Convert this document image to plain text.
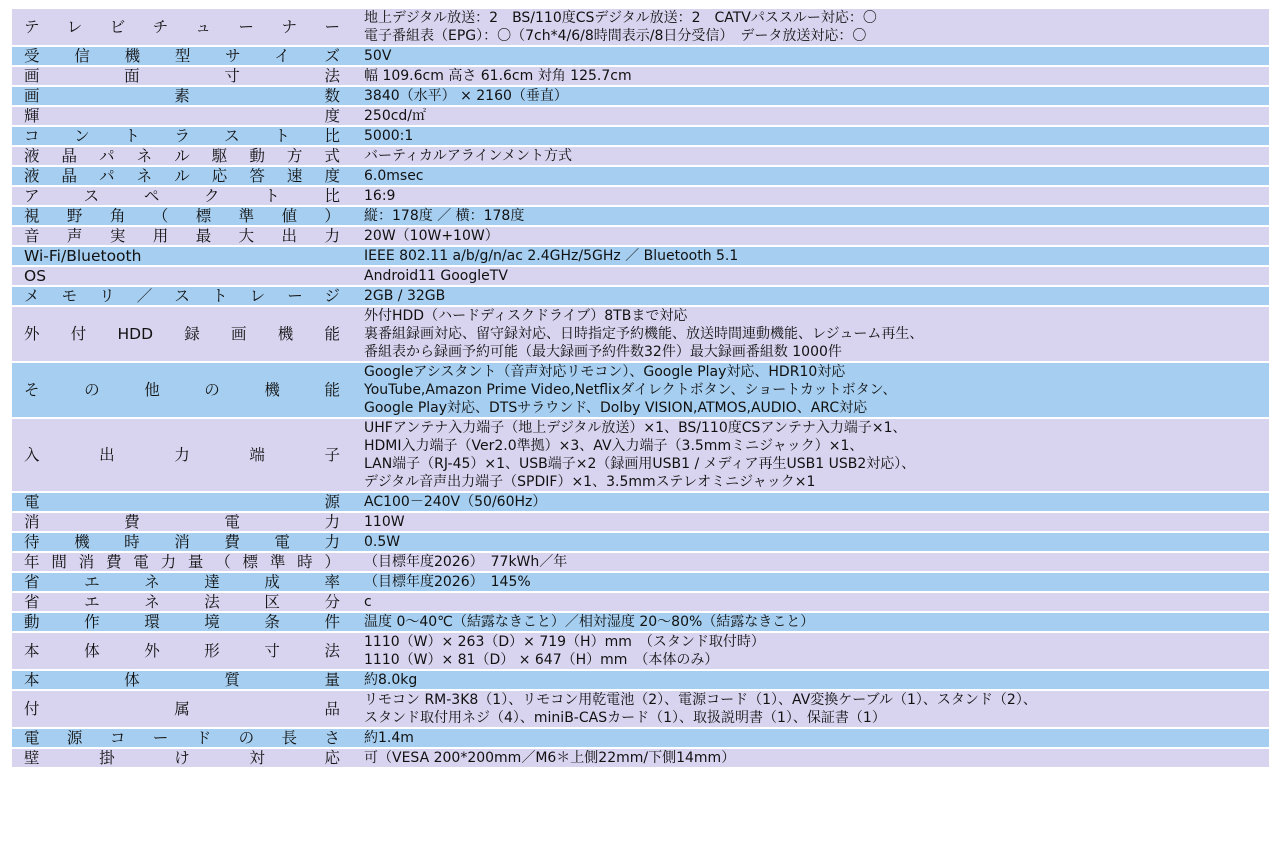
テレビチューナー	地上デジタル放送：2　BS/110度CSデジタル放送：2　CATVパススルー対応：〇
電子番組表（EPG）：〇（7ch*4/6/8時間表示/8日分受信）　データ放送対応：〇

受信機型サイズ	50V

画面寸法	幅 109.6cm 高さ 61.6cm 対角 125.7cm

画素数	3840（水平） × 2160（垂直）

輝度	250cd/㎡

コントラスト比	5000:1

液晶パネル駆動方式	バーティカルアラインメント方式

液晶パネル応答速度	6.0msec

アスペクト比	16:9

視野角（標準値）	縦：178度 ／ 横：178度

音声実用最大出力	20W（10W+10W）

Wi-Fi/Bluetooth	IEEE 802.11 a/b/g/n/ac 2.4GHz/5GHz ／ Bluetooth 5.1

OS	Android11 GoogleTV

メモリ／ストレージ	2GB / 32GB

外付HDD録画機能	外付HDD（ハードディスクドライブ）8TBまで対応
裏番組録画対応、留守録対応、日時指定予約機能、放送時間連動機能、レジューム再生、
番組表から録画予約可能（最大録画予約件数32件）最大録画番組数 1000件

その他の機能	Googleアシスタント（音声対応リモコン）、Google Play対応、HDR10対応
YouTube,Amazon Prime Video,Netflixダイレクトボタン、ショートカットボタン、
Google Play対応、DTSサラウンド、Dolby VISION,ATMOS,AUDIO、ARC対応

入出力端子	UHFアンテナ入力端子（地上デジタル放送）×1、BS/110度CSアンテナ入力端子×1、
HDMI入力端子（Ver2.0準拠）×3、AV入力端子（3.5mmミニジャック）×1、
LAN端子（RJ-45）×1、USB端子×2（録画用USB1 / メディア再生USB1 USB2対応）、
デジタル音声出力端子（SPDIF）×1、3.5mmステレオミニジャック×1

電源	AC100－240V（50/60Hz）

消費電力	110W

待機時消費電力	0.5W

年間消費電力量（標準時）	（目標年度2026）　77kWh／年

省エネ達成率	（目標年度2026）　145%

省エネ法区分	c

動作環境条件	温度 0～40℃（結露なきこと）／相対湿度 20～80%（結露なきこと）

本体外形寸法	1110（W）× 263（D）× 719（H）mm　（スタンド取付時）
1110（W）× 81（D） × 647（H）mm　（本体のみ）

本体質量	約8.0kg

付属品	リモコン RM-3K8（1）、リモコン用乾電池（2）、電源コード（1）、AV変換ケーブル（1）、スタンド（2）、
スタンド取付用ネジ（4）、miniB-CASカード（1）、取扱説明書（1）、保証書（1）

電源コードの長さ	約1.4m

壁掛け対応	可（VESA 200*200mm／M6＊上側22mm/下側14mm）
